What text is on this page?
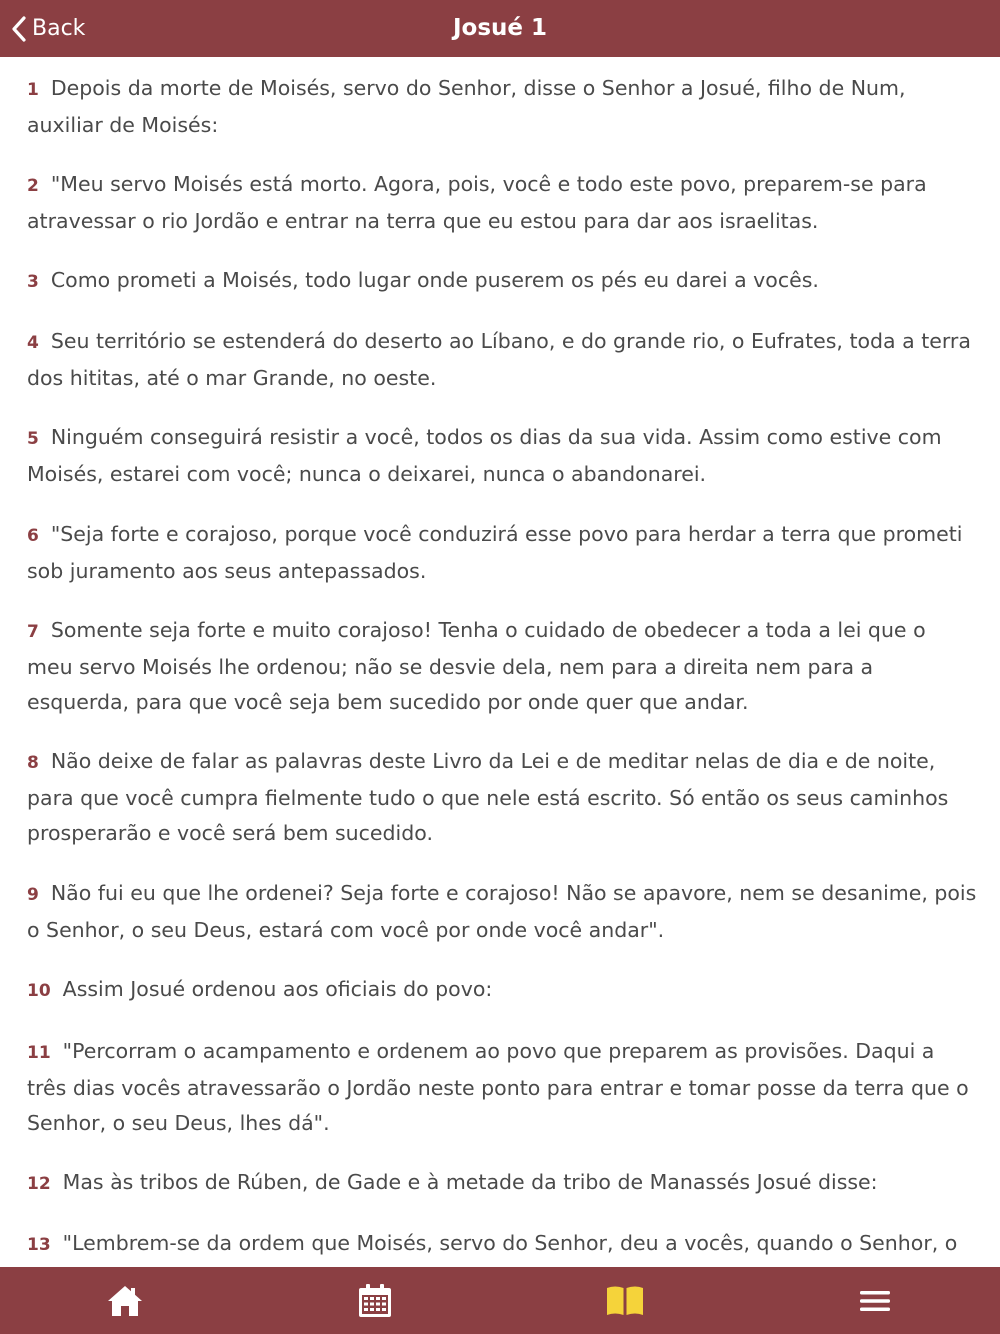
Back	Josué 1

1 Depois da morte de Moisés, servo do Senhor, disse o Senhor a Josué, filho de Num, auxiliar de Moisés:

2 "Meu servo Moisés está morto. Agora, pois, você e todo este povo, preparem-se para atravessar o rio Jordão e entrar na terra que eu estou para dar aos israelitas.

3 Como prometi a Moisés, todo lugar onde puserem os pés eu darei a vocês.

4 Seu território se estenderá do deserto ao Líbano, e do grande rio, o Eufrates, toda a terra dos hititas, até o mar Grande, no oeste.

5 Ninguém conseguirá resistir a você, todos os dias da sua vida. Assim como estive com Moisés, estarei com você; nunca o deixarei, nunca o abandonarei.

6 "Seja forte e corajoso, porque você conduzirá esse povo para herdar a terra que prometi sob juramento aos seus antepassados.

7 Somente seja forte e muito corajoso! Tenha o cuidado de obedecer a toda a lei que o meu servo Moisés lhe ordenou; não se desvie dela, nem para a direita nem para a esquerda, para que você seja bem sucedido por onde quer que andar.

8 Não deixe de falar as palavras deste Livro da Lei e de meditar nelas de dia e de noite, para que você cumpra fielmente tudo o que nele está escrito. Só então os seus caminhos prosperarão e você será bem sucedido.

9 Não fui eu que lhe ordenei? Seja forte e corajoso! Não se apavore, nem se desanime, pois o Senhor, o seu Deus, estará com você por onde você andar".

10 Assim Josué ordenou aos oficiais do povo:

11 "Percorram o acampamento e ordenem ao povo que preparem as provisões. Daqui a três dias vocês atravessarão o Jordão neste ponto para entrar e tomar posse da terra que o Senhor, o seu Deus, lhes dá".

12 Mas às tribos de Rúben, de Gade e à metade da tribo de Manassés Josué disse:

13 "Lembrem-se da ordem que Moisés, servo do Senhor, deu a vocês, quando o Senhor, o
